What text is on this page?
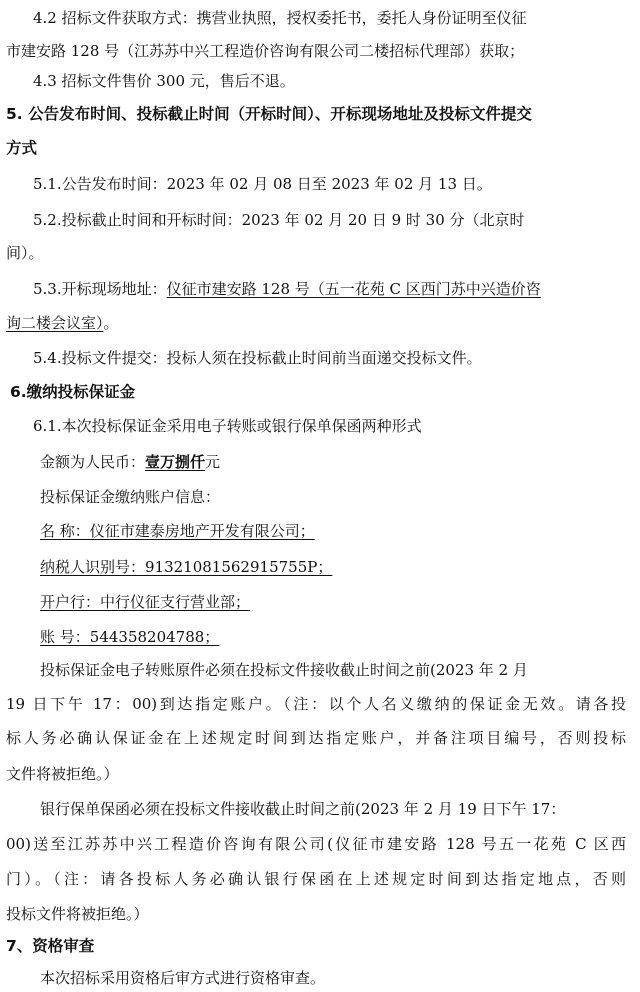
4.2 招标文件获取方式：携营业执照，授权委托书，委托人身份证明至仪征
市建安路 128 号（江苏苏中兴工程造价咨询有限公司二楼招标代理部）获取；
4.3 招标文件售价 300 元，售后不退。
5. 公告发布时间、投标截止时间（开标时间）、开标现场地址及投标文件提交
方式
5.1.公告发布时间：2023 年 02 月 08 日至 2023 年 02 月 13 日。
5.2.投标截止时间和开标时间：2023 年 02 月 20 日 9 时 30 分（北京时
间）。
5.3.开标现场地址：仪征市建安路 128 号（五一花苑 C 区西门苏中兴造价咨
询二楼会议室）。
5.4.投标文件提交：投标人须在投标截止时间前当面递交投标文件。
6.缴纳投标保证金
6.1.本次投标保证金采用电子转账或银行保单保函两种形式
金额为人民币：壹万捌仟元
投标保证金缴纳账户信息：
名 称：仪征市建泰房地产开发有限公司；
纳税人识别号：91321081562915755P；
开户行：中行仪征支行营业部；
账 号：544358204788；
投标保证金电子转账原件必须在投标文件接收截止时间之前(2023 年 2 月
19 日下午 17：00)到达指定账户。（注：以个人名义缴纳的保证金无效。请各投
标人务必确认保证金在上述规定时间到达指定账户，并备注项目编号，否则投标
文件将被拒绝。）
银行保单保函必须在投标文件接收截止时间之前(2023 年 2 月 19 日下午 17：
00)送至江苏苏中兴工程造价咨询有限公司(仪征市建安路 128 号五一花苑 C 区西
门）。（注：请各投标人务必确认银行保函在上述规定时间到达指定地点，否则
投标文件将被拒绝。）
7、资格审查
本次招标采用资格后审方式进行资格审查。
